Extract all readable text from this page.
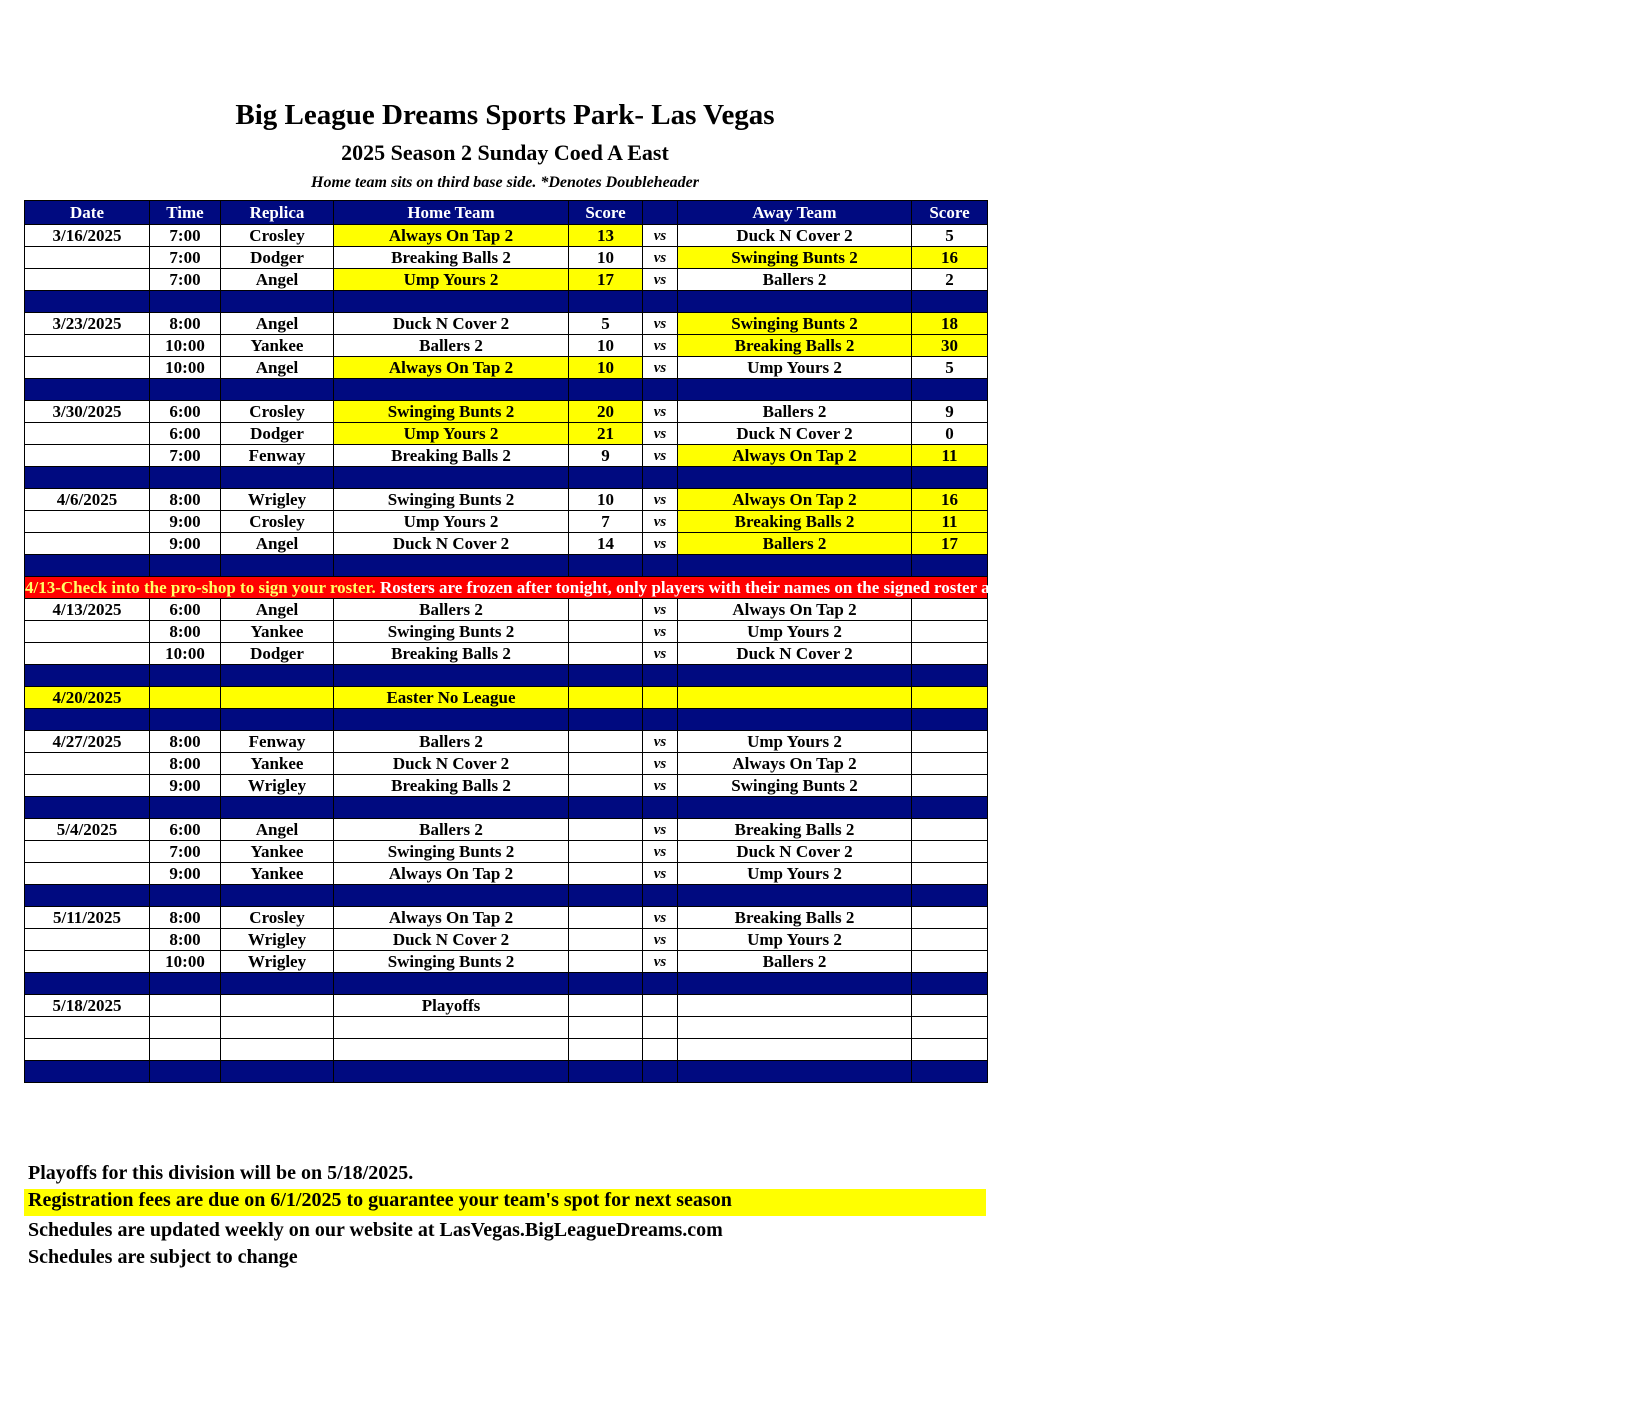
Big League Dreams Sports Park- Las Vegas
2025 Season 2 Sunday Coed A East
Home team sits on third base side. *Denotes Doubleheader
Date	Time	Replica	Home Team	Score		Away Team	Score
3/16/2025	7:00	Crosley	Always On Tap 2	13	vs	Duck N Cover 2	5
	7:00	Dodger	Breaking Balls 2	10	vs	Swinging Bunts 2	16
	7:00	Angel	Ump Yours 2	17	vs	Ballers 2	2

3/23/2025	8:00	Angel	Duck N Cover 2	5	vs	Swinging Bunts 2	18
	10:00	Yankee	Ballers 2	10	vs	Breaking Balls 2	30
	10:00	Angel	Always On Tap 2	10	vs	Ump Yours 2	5

3/30/2025	6:00	Crosley	Swinging Bunts 2	20	vs	Ballers 2	9
	6:00	Dodger	Ump Yours 2	21	vs	Duck N Cover 2	0
	7:00	Fenway	Breaking Balls 2	9	vs	Always On Tap 2	11

4/6/2025	8:00	Wrigley	Swinging Bunts 2	10	vs	Always On Tap 2	16
	9:00	Crosley	Ump Yours 2	7	vs	Breaking Balls 2	11
	9:00	Angel	Duck N Cover 2	14	vs	Ballers 2	17

4/13-Check into the pro-shop to sign your roster. Rosters are frozen after tonight, only players with their names on the signed roster are eligible for playoffs. Please check carefully as changes will not be made for omissions.							
4/13/2025	6:00	Angel	Ballers 2		vs	Always On Tap 2	
	8:00	Yankee	Swinging Bunts 2		vs	Ump Yours 2	
	10:00	Dodger	Breaking Balls 2		vs	Duck N Cover 2	

4/20/2025			Easter No League				

4/27/2025	8:00	Fenway	Ballers 2		vs	Ump Yours 2	
	8:00	Yankee	Duck N Cover 2		vs	Always On Tap 2	
	9:00	Wrigley	Breaking Balls 2		vs	Swinging Bunts 2	

5/4/2025	6:00	Angel	Ballers 2		vs	Breaking Balls 2	
	7:00	Yankee	Swinging Bunts 2		vs	Duck N Cover 2	
	9:00	Yankee	Always On Tap 2		vs	Ump Yours 2	

5/11/2025	8:00	Crosley	Always On Tap 2		vs	Breaking Balls 2	
	8:00	Wrigley	Duck N Cover 2		vs	Ump Yours 2	
	10:00	Wrigley	Swinging Bunts 2		vs	Ballers 2	

5/18/2025			Playoffs				

Playoffs for this division will be on 5/18/2025.
Registration fees are due on 6/1/2025 to guarantee your team's spot for next season
Schedules are updated weekly on our website at LasVegas.BigLeagueDreams.com
Schedules are subject to change
